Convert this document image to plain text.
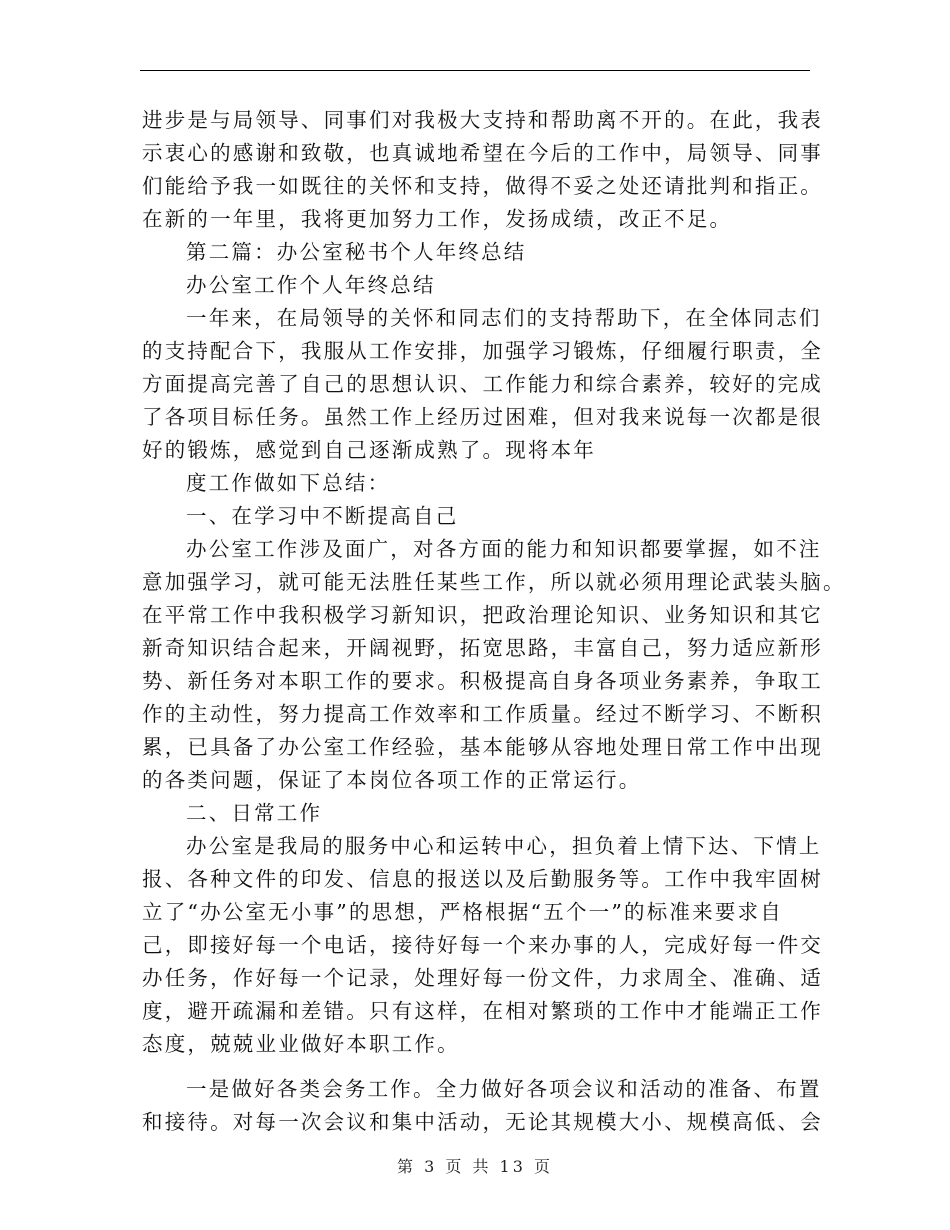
进步是与局领导、同事们对我极大支持和帮助离不开的。在此，我表
示衷心的感谢和致敬，也真诚地希望在今后的工作中，局领导、同事
们能给予我一如既往的关怀和支持，做得不妥之处还请批判和指正。
在新的一年里，我将更加努力工作，发扬成绩，改正不足。
第二篇：办公室秘书个人年终总结
办公室工作个人年终总结
一年来，在局领导的关怀和同志们的支持帮助下，在全体同志们
的支持配合下，我服从工作安排，加强学习锻炼，仔细履行职责，全
方面提高完善了自己的思想认识、工作能力和综合素养，较好的完成
了各项目标任务。虽然工作上经历过困难，但对我来说每一次都是很
好的锻炼，感觉到自己逐渐成熟了。现将本年
度工作做如下总结：
一、在学习中不断提高自己
办公室工作涉及面广，对各方面的能力和知识都要掌握，如不注
意加强学习，就可能无法胜任某些工作，所以就必须用理论武装头脑。
在平常工作中我积极学习新知识，把政治理论知识、业务知识和其它
新奇知识结合起来，开阔视野，拓宽思路，丰富自己，努力适应新形
势、新任务对本职工作的要求。积极提高自身各项业务素养，争取工
作的主动性，努力提高工作效率和工作质量。经过不断学习、不断积
累，已具备了办公室工作经验，基本能够从容地处理日常工作中出现
的各类问题，保证了本岗位各项工作的正常运行。
二、日常工作
办公室是我局的服务中心和运转中心，担负着上情下达、下情上
报、各种文件的印发、信息的报送以及后勤服务等。工作中我牢固树
立了“办公室无小事”的思想，严格根据“五个一”的标准来要求自
己，即接好每一个电话，接待好每一个来办事的人，完成好每一件交
办任务，作好每一个记录，处理好每一份文件，力求周全、准确、适
度，避开疏漏和差错。只有这样，在相对繁琐的工作中才能端正工作
态度，兢兢业业做好本职工作。
一是做好各类会务工作。全力做好各项会议和活动的准备、布置
和接待。对每一次会议和集中活动，无论其规模大小、规模高低、会
第 3 页 共 13 页
